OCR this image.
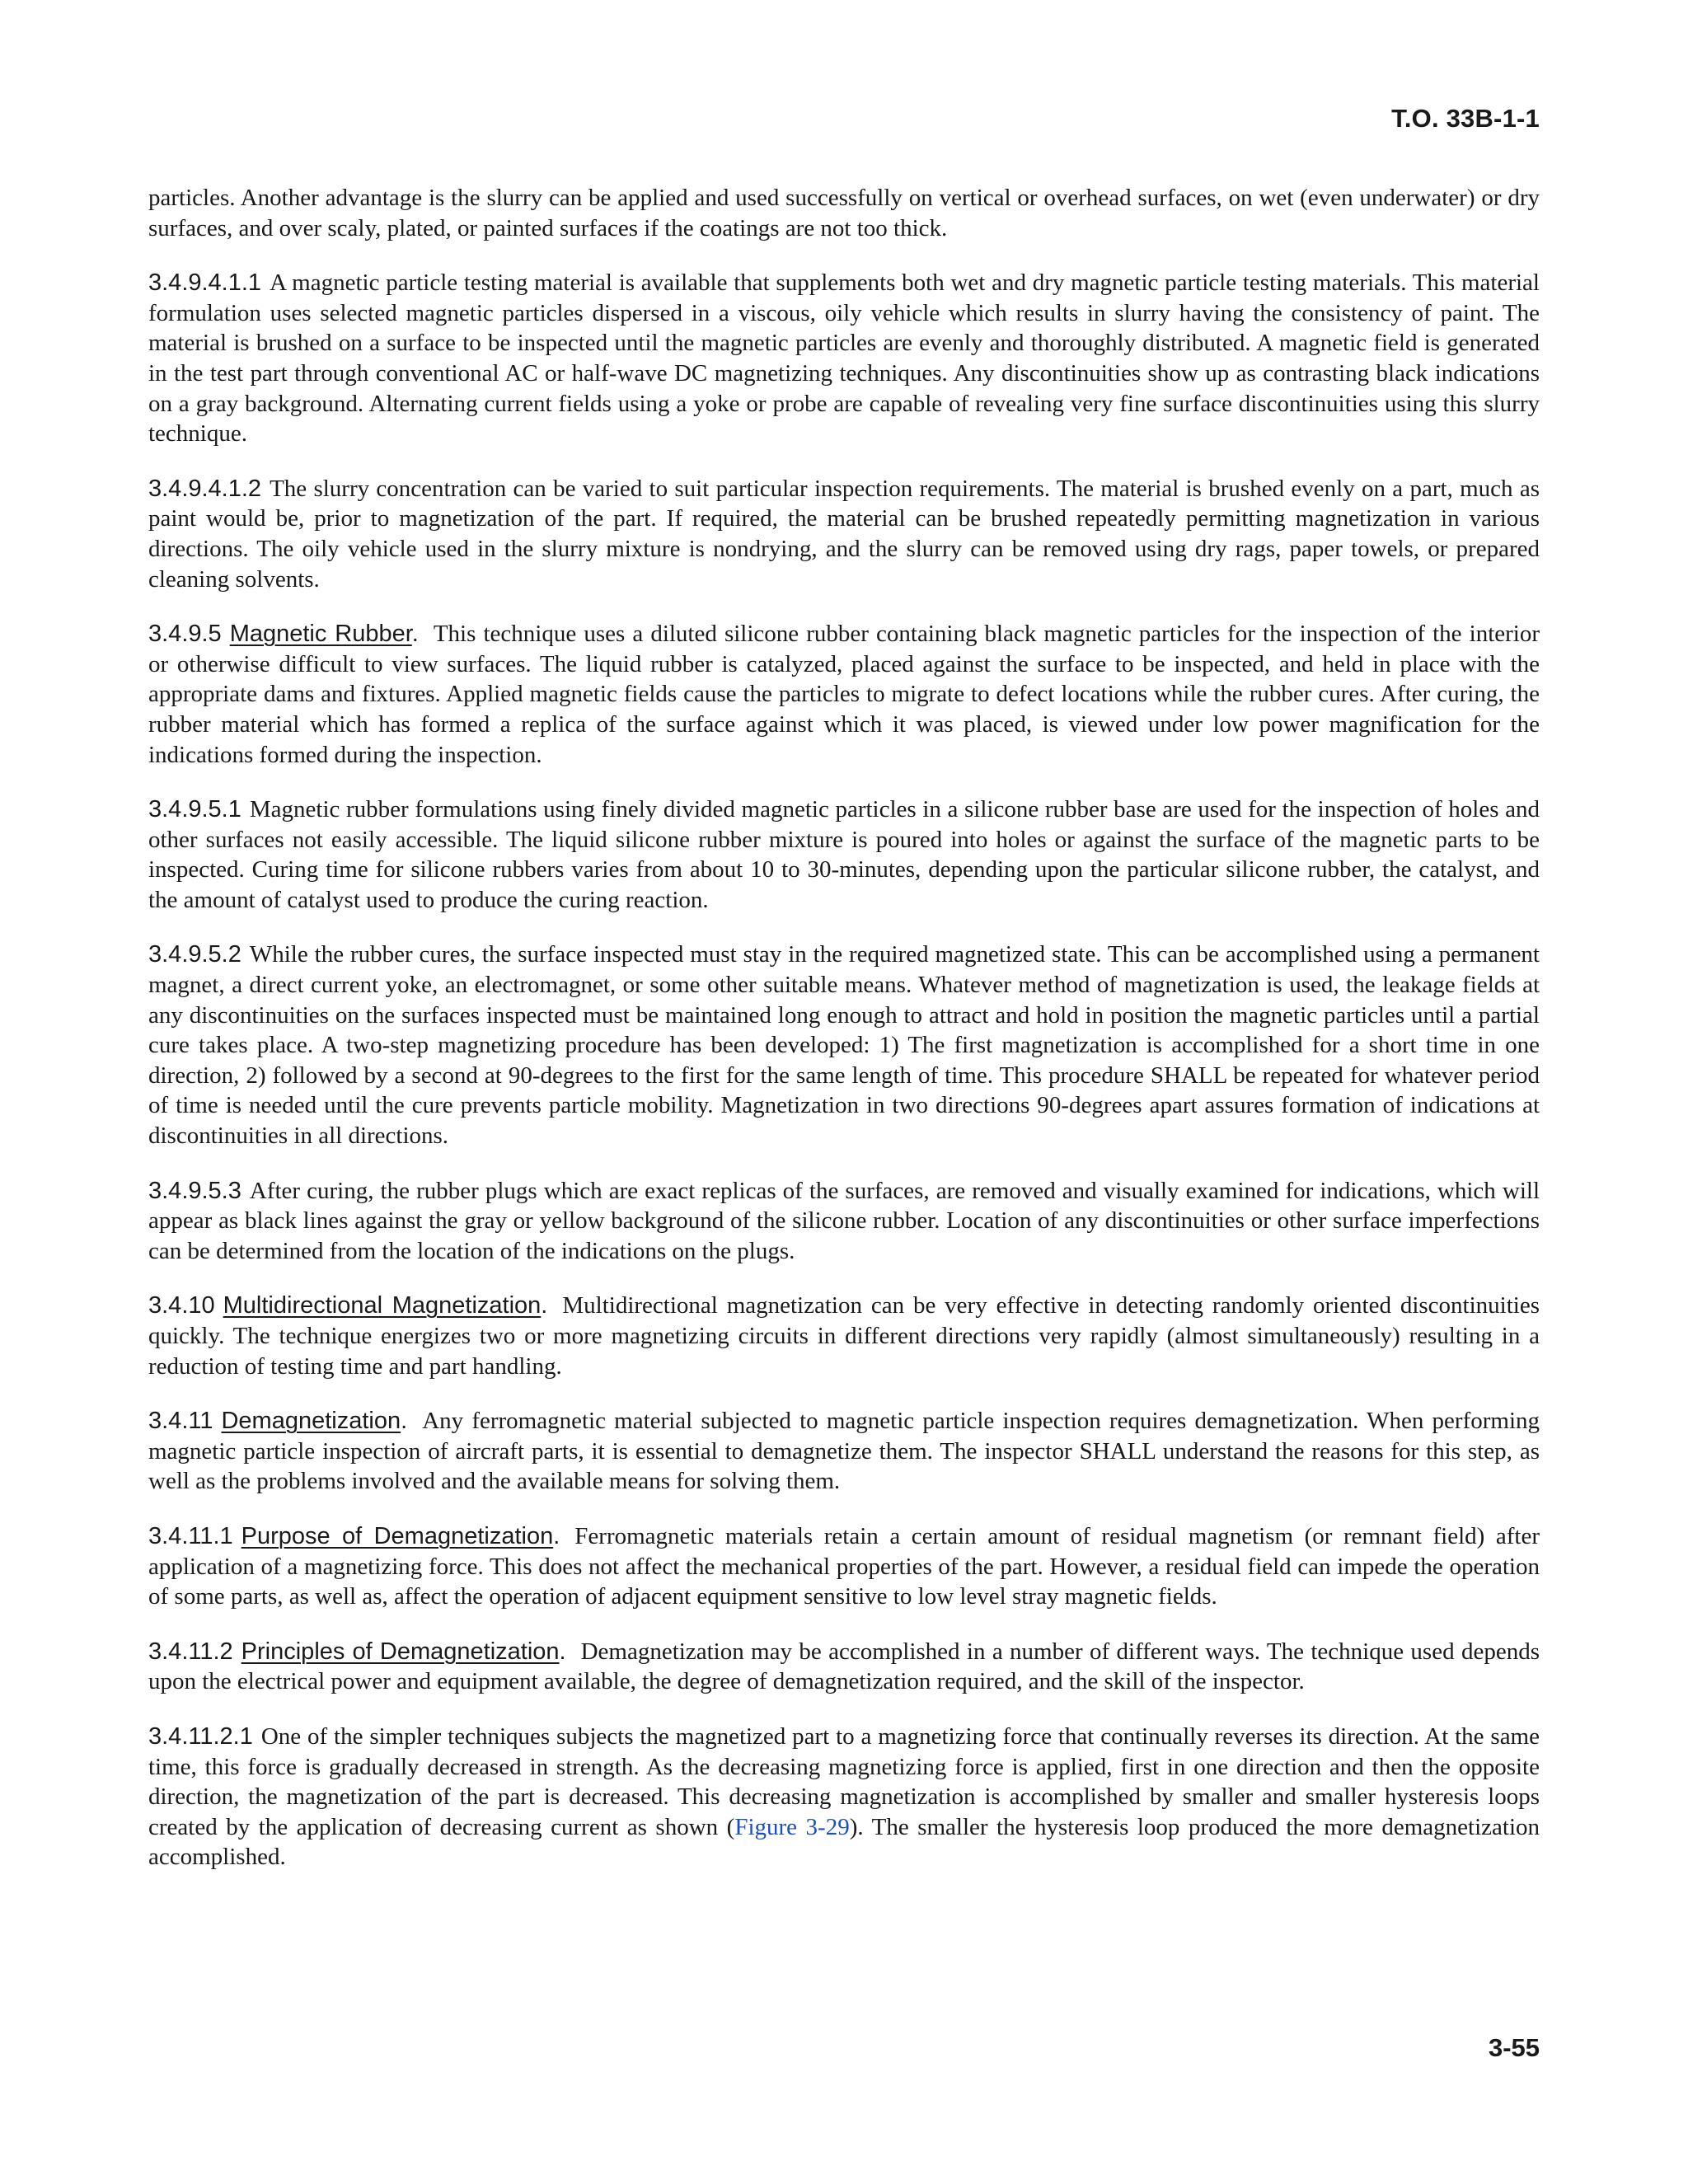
T.O. 33B-1-1

particles. Another advantage is the slurry can be applied and used successfully on vertical or overhead surfaces, on wet (even underwater) or dry surfaces, and over scaly, plated, or painted surfaces if the coatings are not too thick.

3.4.9.4.1.1 A magnetic particle testing material is available that supplements both wet and dry magnetic particle testing materials. This material formulation uses selected magnetic particles dispersed in a viscous, oily vehicle which results in slurry having the consistency of paint. The material is brushed on a surface to be inspected until the magnetic particles are evenly and thoroughly distributed. A magnetic field is generated in the test part through conventional AC or half-wave DC magnetizing techniques. Any discontinuities show up as contrasting black indications on a gray background. Alternating current fields using a yoke or probe are capable of revealing very fine surface discontinuities using this slurry technique.

3.4.9.4.1.2 The slurry concentration can be varied to suit particular inspection requirements. The material is brushed evenly on a part, much as paint would be, prior to magnetization of the part. If required, the material can be brushed repeatedly permitting magnetization in various directions. The oily vehicle used in the slurry mixture is nondrying, and the slurry can be removed using dry rags, paper towels, or prepared cleaning solvents.

3.4.9.5 Magnetic Rubber. This technique uses a diluted silicone rubber containing black magnetic particles for the inspection of the interior or otherwise difficult to view surfaces. The liquid rubber is catalyzed, placed against the surface to be inspected, and held in place with the appropriate dams and fixtures. Applied magnetic fields cause the particles to migrate to defect locations while the rubber cures. After curing, the rubber material which has formed a replica of the surface against which it was placed, is viewed under low power magnification for the indications formed during the inspection.

3.4.9.5.1 Magnetic rubber formulations using finely divided magnetic particles in a silicone rubber base are used for the inspection of holes and other surfaces not easily accessible. The liquid silicone rubber mixture is poured into holes or against the surface of the magnetic parts to be inspected. Curing time for silicone rubbers varies from about 10 to 30-minutes, depending upon the particular silicone rubber, the catalyst, and the amount of catalyst used to produce the curing reaction.

3.4.9.5.2 While the rubber cures, the surface inspected must stay in the required magnetized state. This can be accomplished using a permanent magnet, a direct current yoke, an electromagnet, or some other suitable means. Whatever method of magnetization is used, the leakage fields at any discontinuities on the surfaces inspected must be maintained long enough to attract and hold in position the magnetic particles until a partial cure takes place. A two-step magnetizing procedure has been developed: 1) The first magnetization is accomplished for a short time in one direction, 2) followed by a second at 90-degrees to the first for the same length of time. This procedure SHALL be repeated for whatever period of time is needed until the cure prevents particle mobility. Magnetization in two directions 90-degrees apart assures formation of indications at discontinuities in all directions.

3.4.9.5.3 After curing, the rubber plugs which are exact replicas of the surfaces, are removed and visually examined for indications, which will appear as black lines against the gray or yellow background of the silicone rubber. Location of any discontinuities or other surface imperfections can be determined from the location of the indications on the plugs.

3.4.10 Multidirectional Magnetization. Multidirectional magnetization can be very effective in detecting randomly oriented discontinuities quickly. The technique energizes two or more magnetizing circuits in different directions very rapidly (almost simultaneously) resulting in a reduction of testing time and part handling.

3.4.11 Demagnetization. Any ferromagnetic material subjected to magnetic particle inspection requires demagnetization. When performing magnetic particle inspection of aircraft parts, it is essential to demagnetize them. The inspector SHALL understand the reasons for this step, as well as the problems involved and the available means for solving them.

3.4.11.1 Purpose of Demagnetization. Ferromagnetic materials retain a certain amount of residual magnetism (or remnant field) after application of a magnetizing force. This does not affect the mechanical properties of the part. However, a residual field can impede the operation of some parts, as well as, affect the operation of adjacent equipment sensitive to low level stray magnetic fields.

3.4.11.2 Principles of Demagnetization. Demagnetization may be accomplished in a number of different ways. The technique used depends upon the electrical power and equipment available, the degree of demagnetization required, and the skill of the inspector.

3.4.11.2.1 One of the simpler techniques subjects the magnetized part to a magnetizing force that continually reverses its direction. At the same time, this force is gradually decreased in strength. As the decreasing magnetizing force is applied, first in one direction and then the opposite direction, the magnetization of the part is decreased. This decreasing magnetization is accomplished by smaller and smaller hysteresis loops created by the application of decreasing current as shown (Figure 3-29). The smaller the hysteresis loop produced the more demagnetization accomplished.

3-55
